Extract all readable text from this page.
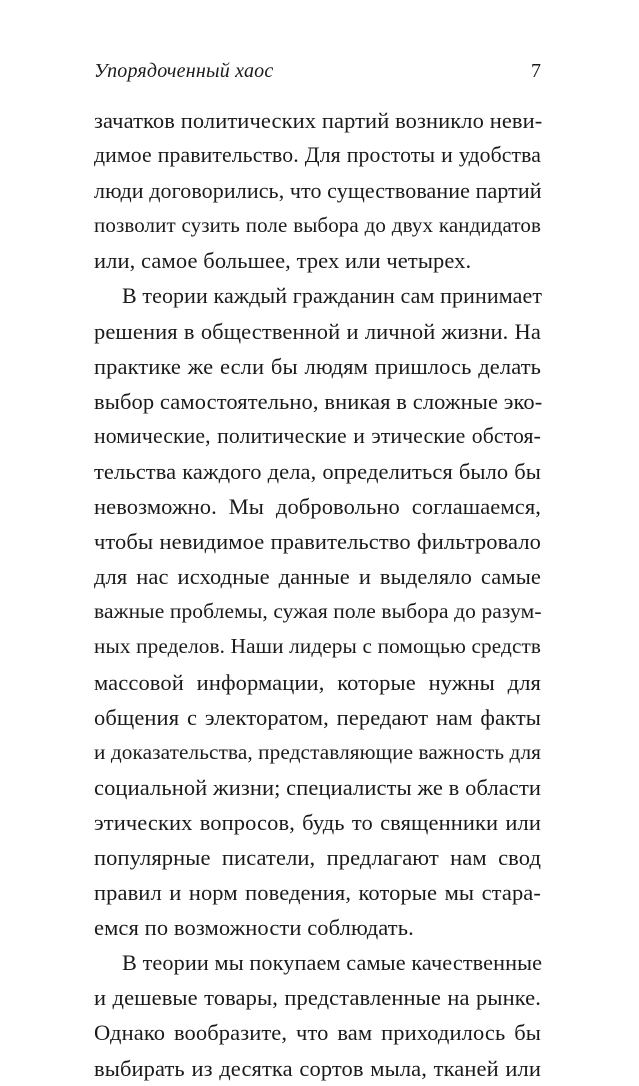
Упорядоченный хаос	7
зачатков политических партий возникло неви-
димое правительство. Для простоты и удобства
люди договорились, что существование партий
позволит сузить поле выбора до двух кандидатов
или, самое большее, трех или четырех.
В теории каждый гражданин сам принимает
решения в общественной и личной жизни. На
практике же если бы людям пришлось делать
выбор самостоятельно, вникая в сложные эко-
номические, политические и этические обстоя-
тельства каждого дела, определиться было бы
невозможно. Мы добровольно соглашаемся,
чтобы невидимое правительство фильтровало
для нас исходные данные и выделяло самые
важные проблемы, сужая поле выбора до разум-
ных пределов. Наши лидеры с помощью средств
массовой информации, которые нужны для
общения с электоратом, передают нам факты
и доказательства, представляющие важность для
социальной жизни; специалисты же в области
этических вопросов, будь то священники или
популярные писатели, предлагают нам свод
правил и норм поведения, которые мы стара-
емся по возможности соблюдать.
В теории мы покупаем самые качественные
и дешевые товары, представленные на рынке.
Однако вообразите, что вам приходилось бы
выбирать из десятка сортов мыла, тканей или
